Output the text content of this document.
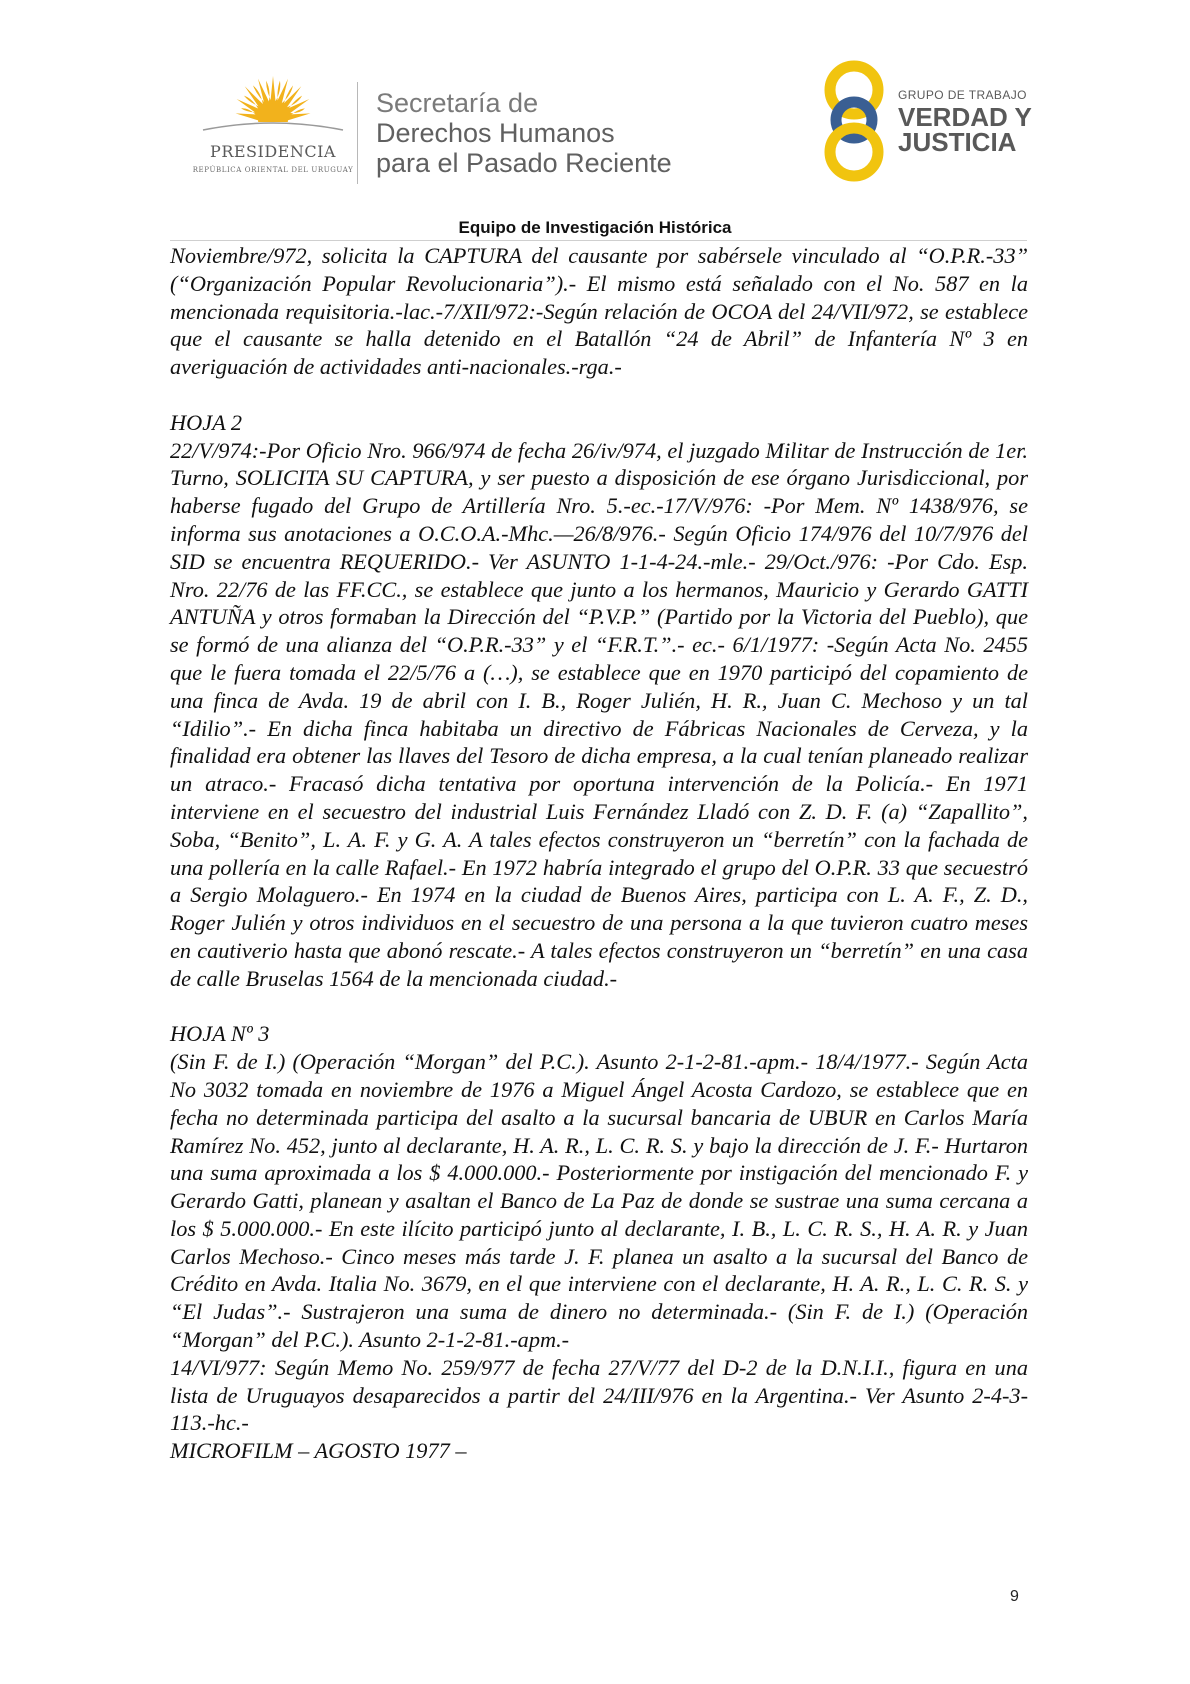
PRESIDENCIA
REPÚBLICA ORIENTAL DEL URUGUAY
Secretaría de
Derechos Humanos
para el Pasado Reciente
GRUPO DE TRABAJO
VERDAD Y
JUSTICIA
Equipo de Investigación Histórica

Noviembre/972, solicita la CAPTURA del causante por sabérsele vinculado al “O.P.R.-33” (“Organización Popular Revolucionaria”).- El mismo está señalado con el No. 587 en la mencionada requisitoria.-lac.-7/XII/972:-Según relación de OCOA del 24/VII/972, se establece que el causante se halla detenido en el Batallón “24 de Abril” de Infantería Nº 3 en averiguación de actividades anti-nacionales.-rga.-

HOJA 2

22/V/974:-Por Oficio Nro. 966/974 de fecha 26/iv/974, el juzgado Militar de Instrucción de 1er. Turno, SOLICITA SU CAPTURA, y ser puesto a disposición de ese órgano Jurisdiccional, por haberse fugado del Grupo de Artillería Nro. 5.-ec.-17/V/976: -Por Mem. Nº 1438/976, se informa sus anotaciones a O.C.O.A.-Mhc.—26/8/976.- Según Oficio 174/976 del 10/7/976 del SID se encuentra REQUERIDO.- Ver ASUNTO 1-1-4-24.-mle.- 29/Oct./976: -Por Cdo. Esp. Nro. 22/76 de las FF.CC., se establece que junto a los hermanos, Mauricio y Gerardo GATTI ANTUÑA y otros formaban la Dirección del “P.V.P.” (Partido por la Victoria del Pueblo), que se formó de una alianza del “O.P.R.-33” y el “F.R.T.”.- ec.- 6/1/1977: -Según Acta No. 2455 que le fuera tomada el 22/5/76 a (…), se establece que en 1970 participó del copamiento de una finca de Avda. 19 de abril con I. B., Roger Julién, H. R., Juan C. Mechoso y un tal “Idilio”.- En dicha finca habitaba un directivo de Fábricas Nacionales de Cerveza, y la finalidad era obtener las llaves del Tesoro de dicha empresa, a la cual tenían planeado realizar un atraco.- Fracasó dicha tentativa por oportuna intervención de la Policía.- En 1971 interviene en el secuestro del industrial Luis Fernández Lladó con Z. D. F. (a) “Zapallito”, Soba, “Benito”, L. A. F. y G. A. A tales efectos construyeron un “berretín” con la fachada de una pollería en la calle Rafael.- En 1972 habría integrado el grupo del O.P.R. 33 que secuestró a Sergio Molaguero.- En 1974 en la ciudad de Buenos Aires, participa con L. A. F., Z. D., Roger Julién y otros individuos en el secuestro de una persona a la que tuvieron cuatro meses en cautiverio hasta que abonó rescate.- A tales efectos construyeron un “berretín” en una casa de calle Bruselas 1564 de la mencionada ciudad.-

HOJA Nº 3

(Sin F. de I.) (Operación “Morgan” del P.C.). Asunto 2-1-2-81.-apm.- 18/4/1977.- Según Acta No 3032 tomada en noviembre de 1976 a Miguel Ángel Acosta Cardozo, se establece que en fecha no determinada participa del asalto a la sucursal bancaria de UBUR en Carlos María Ramírez No. 452, junto al declarante, H. A. R., L. C. R. S. y bajo la dirección de J. F.- Hurtaron una suma aproximada a los $ 4.000.000.- Posteriormente por instigación del mencionado F. y Gerardo Gatti, planean y asaltan el Banco de La Paz de donde se sustrae una suma cercana a los $ 5.000.000.- En este ilícito participó junto al declarante, I. B., L. C. R. S., H. A. R. y Juan Carlos Mechoso.- Cinco meses más tarde J. F. planea un asalto a la sucursal del Banco de Crédito en Avda. Italia No. 3679, en el que interviene con el declarante, H. A. R., L. C. R. S. y “El Judas”.- Sustrajeron una suma de dinero no determinada.- (Sin F. de I.) (Operación “Morgan” del P.C.). Asunto 2-1-2-81.-apm.-

14/VI/977: Según Memo No. 259/977 de fecha 27/V/77 del D-2 de la D.N.I.I., figura en una lista de Uruguayos desaparecidos a partir del 24/III/976 en la Argentina.- Ver Asunto 2-4-3-113.-hc.-

MICROFILM – AGOSTO 1977 –

9
